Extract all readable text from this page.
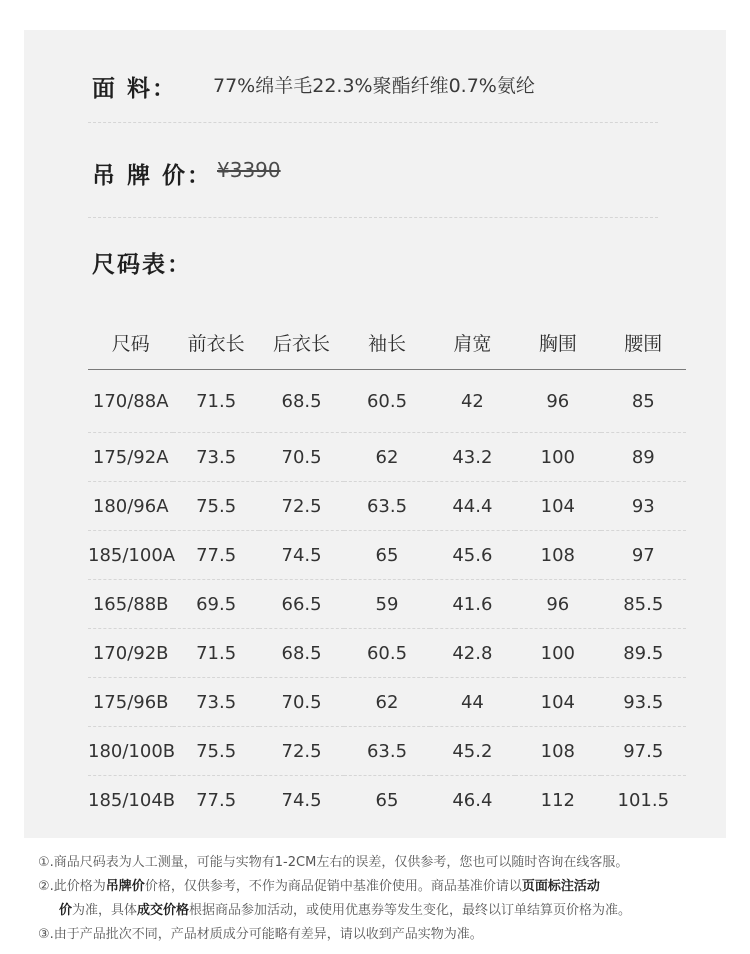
面 料： 77%绵羊毛22.3%聚酯纤维0.7%氨纶
吊 牌 价： ¥3390
尺码表：
尺码	前衣长	后衣长	袖长	肩宽	胸围	腰围
170/88A	71.5	68.5	60.5	42	96	85
175/92A	73.5	70.5	62	43.2	100	89
180/96A	75.5	72.5	63.5	44.4	104	93
185/100A	77.5	74.5	65	45.6	108	97
165/88B	69.5	66.5	59	41.6	96	85.5
170/92B	71.5	68.5	60.5	42.8	100	89.5
175/96B	73.5	70.5	62	44	104	93.5
180/100B	75.5	72.5	63.5	45.2	108	97.5
185/104B	77.5	74.5	65	46.4	112	101.5
①.商品尺码表为人工测量，可能与实物有1-2CM左右的误差，仅供参考，您也可以随时咨询在线客服。
②.此价格为吊牌价价格，仅供参考，不作为商品促销中基准价使用。商品基准价请以页面标注活动
价为准，具体成交价格根据商品参加活动，或使用优惠券等发生变化，最终以订单结算页价格为准。
③.由于产品批次不同，产品材质成分可能略有差异，请以收到产品实物为准。
